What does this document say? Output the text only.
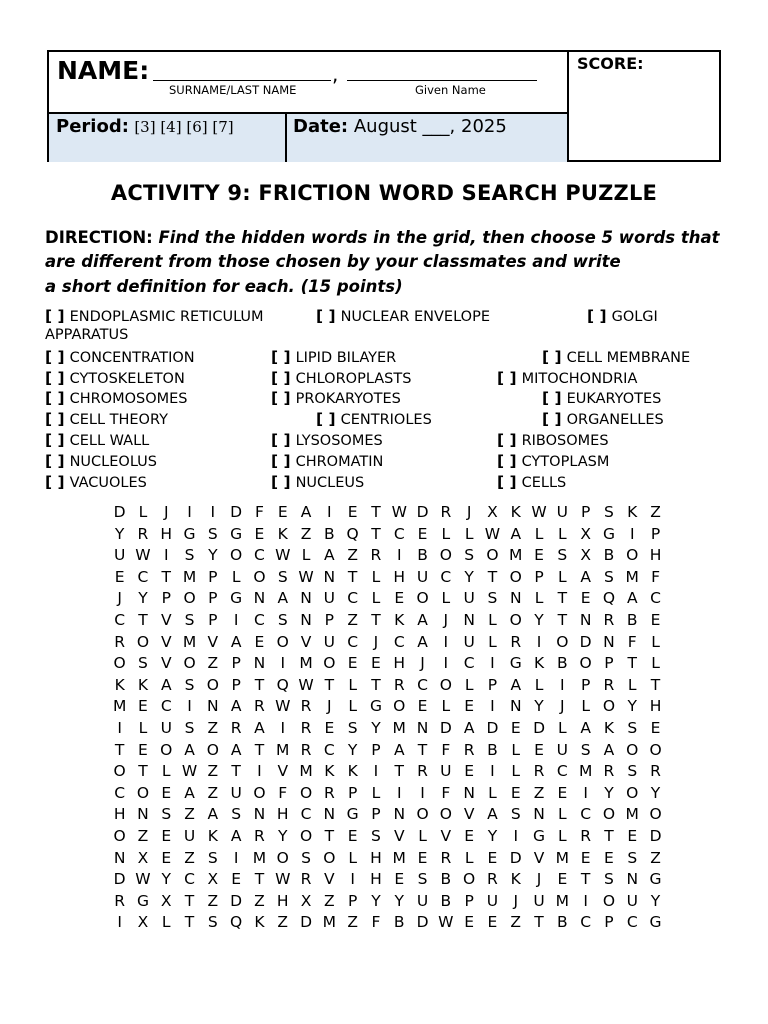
NAME:	,
SURNAME/LAST NAME	Given Name
SCORE:
Period: [3] [4] [6] [7]	Date: August ___, 2025
ACTIVITY 9: FRICTION WORD SEARCH PUZZLE
DIRECTION: Find the hidden words in the grid, then choose 5 words that are different from those chosen by your classmates and write
a short definition for each. (15 points)
[ ] ENDOPLASMIC RETICULUM	[ ] NUCLEAR ENVELOPE	[ ] GOLGI
APPARATUS
[ ] CONCENTRATION	[ ] LIPID BILAYER	[ ] CELL MEMBRANE
[ ] CYTOSKELETON	[ ] CHLOROPLASTS	[ ] MITOCHONDRIA
[ ] CHROMOSOMES	[ ] PROKARYOTES	[ ] EUKARYOTES
[ ] CELL THEORY	[ ] CENTRIOLES	[ ] ORGANELLES
[ ] CELL WALL	[ ] LYSOSOMES	[ ] RIBOSOMES
[ ] NUCLEOLUS	[ ] CHROMATIN	[ ] CYTOPLASM
[ ] VACUOLES	[ ] NUCLEUS	[ ] CELLS
D L	J	I	I D F E A	I	E T W D R	J	X K W U P S K Z
Y R H G S G E K Z B Q T C E L L W A L L X G I	P
U W I	S Y O C W L A Z R	I	B O S O M E S X B O H
E C T M P L O S W N T L H U C Y T O P L A S M F
J	Y P O P G N A N U C L E O L U S N L T E Q A C
C T V S P	I	C S N P Z T K A	J N L O Y T N R B E
R O V M V A E O V U C	J	C A	I U L R	I O D N F L
O S V O Z P N I M O E E H J	I	C	I G K B O P T L
K K A S O P T Q W T L T R C O L P A L	I	P R L T
M E C	I N A R W R	J	L G O E L E	I N Y	J	L O Y H
I	L U S Z R A	I	R E S Y M N D A D E D L A K S E
T E O A O A T M R C Y P A T F R B L E U S A O O
O T L W Z T	I	V M K K	I	T R U E	I	L R C M R S R
C O E A Z U O F O R P L	I	I	F N L E Z E	I	Y O Y
H N S Z A S N H C N G P N O O V A S N L C O M O
O Z E U K A R Y O T E S V L V E Y	I G L R T E D
N X E Z S	I M O S O L H M E R L E D V M E E S Z
D W Y C X E T W R V	I H E S B O R K	J	E T S N G
R G X T Z D Z H X Z P Y Y U B P U J U M I O U Y
I	X L T S Q K Z D M Z F B D W E E Z T B C P C G
